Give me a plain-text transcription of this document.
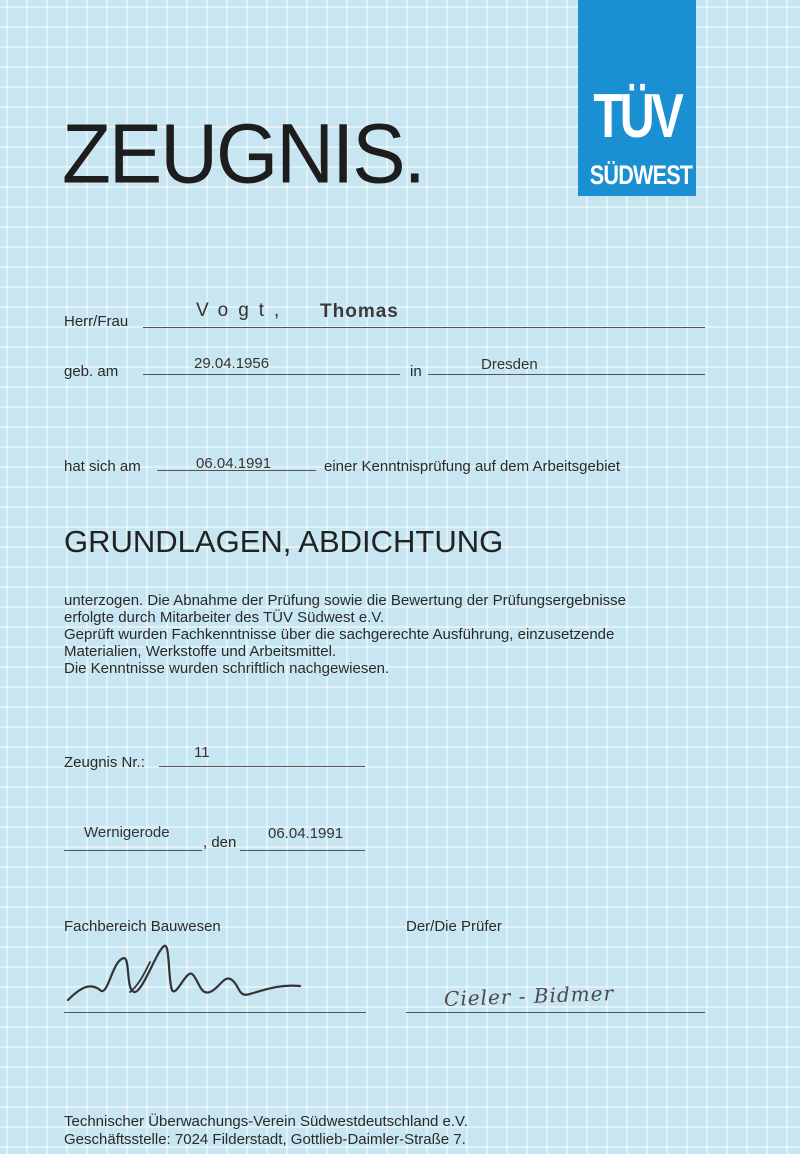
ZEUGNIS.	TÜV
SÜDWEST
Herr/Frau
Vogt, Thomas
geb. am	29.04.1956	in	Dresden
hat sich am	06.04.1991	einer Kenntnisprüfung auf dem Arbeitsgebiet
GRUNDLAGEN, ABDICHTUNG
unterzogen. Die Abnahme der Prüfung sowie die Bewertung der Prüfungsergebnisse
erfolgte durch Mitarbeiter des TÜV Südwest e.V.
Geprüft wurden Fachkenntnisse über die sachgerechte Ausführung, einzusetzende
Materialien, Werkstoffe und Arbeitsmittel.
Die Kenntnisse wurden schriftlich nachgewiesen.
Zeugnis Nr.:
11
Wernigerode
, den
06.04.1991
Fachbereich Bauwesen	Der/Die Prüfer
Cieler - Bidmer
Technischer Überwachungs-Verein Südwestdeutschland e.V.
Geschäftsstelle: 7024 Filderstadt, Gottlieb-Daimler-Straße 7.
